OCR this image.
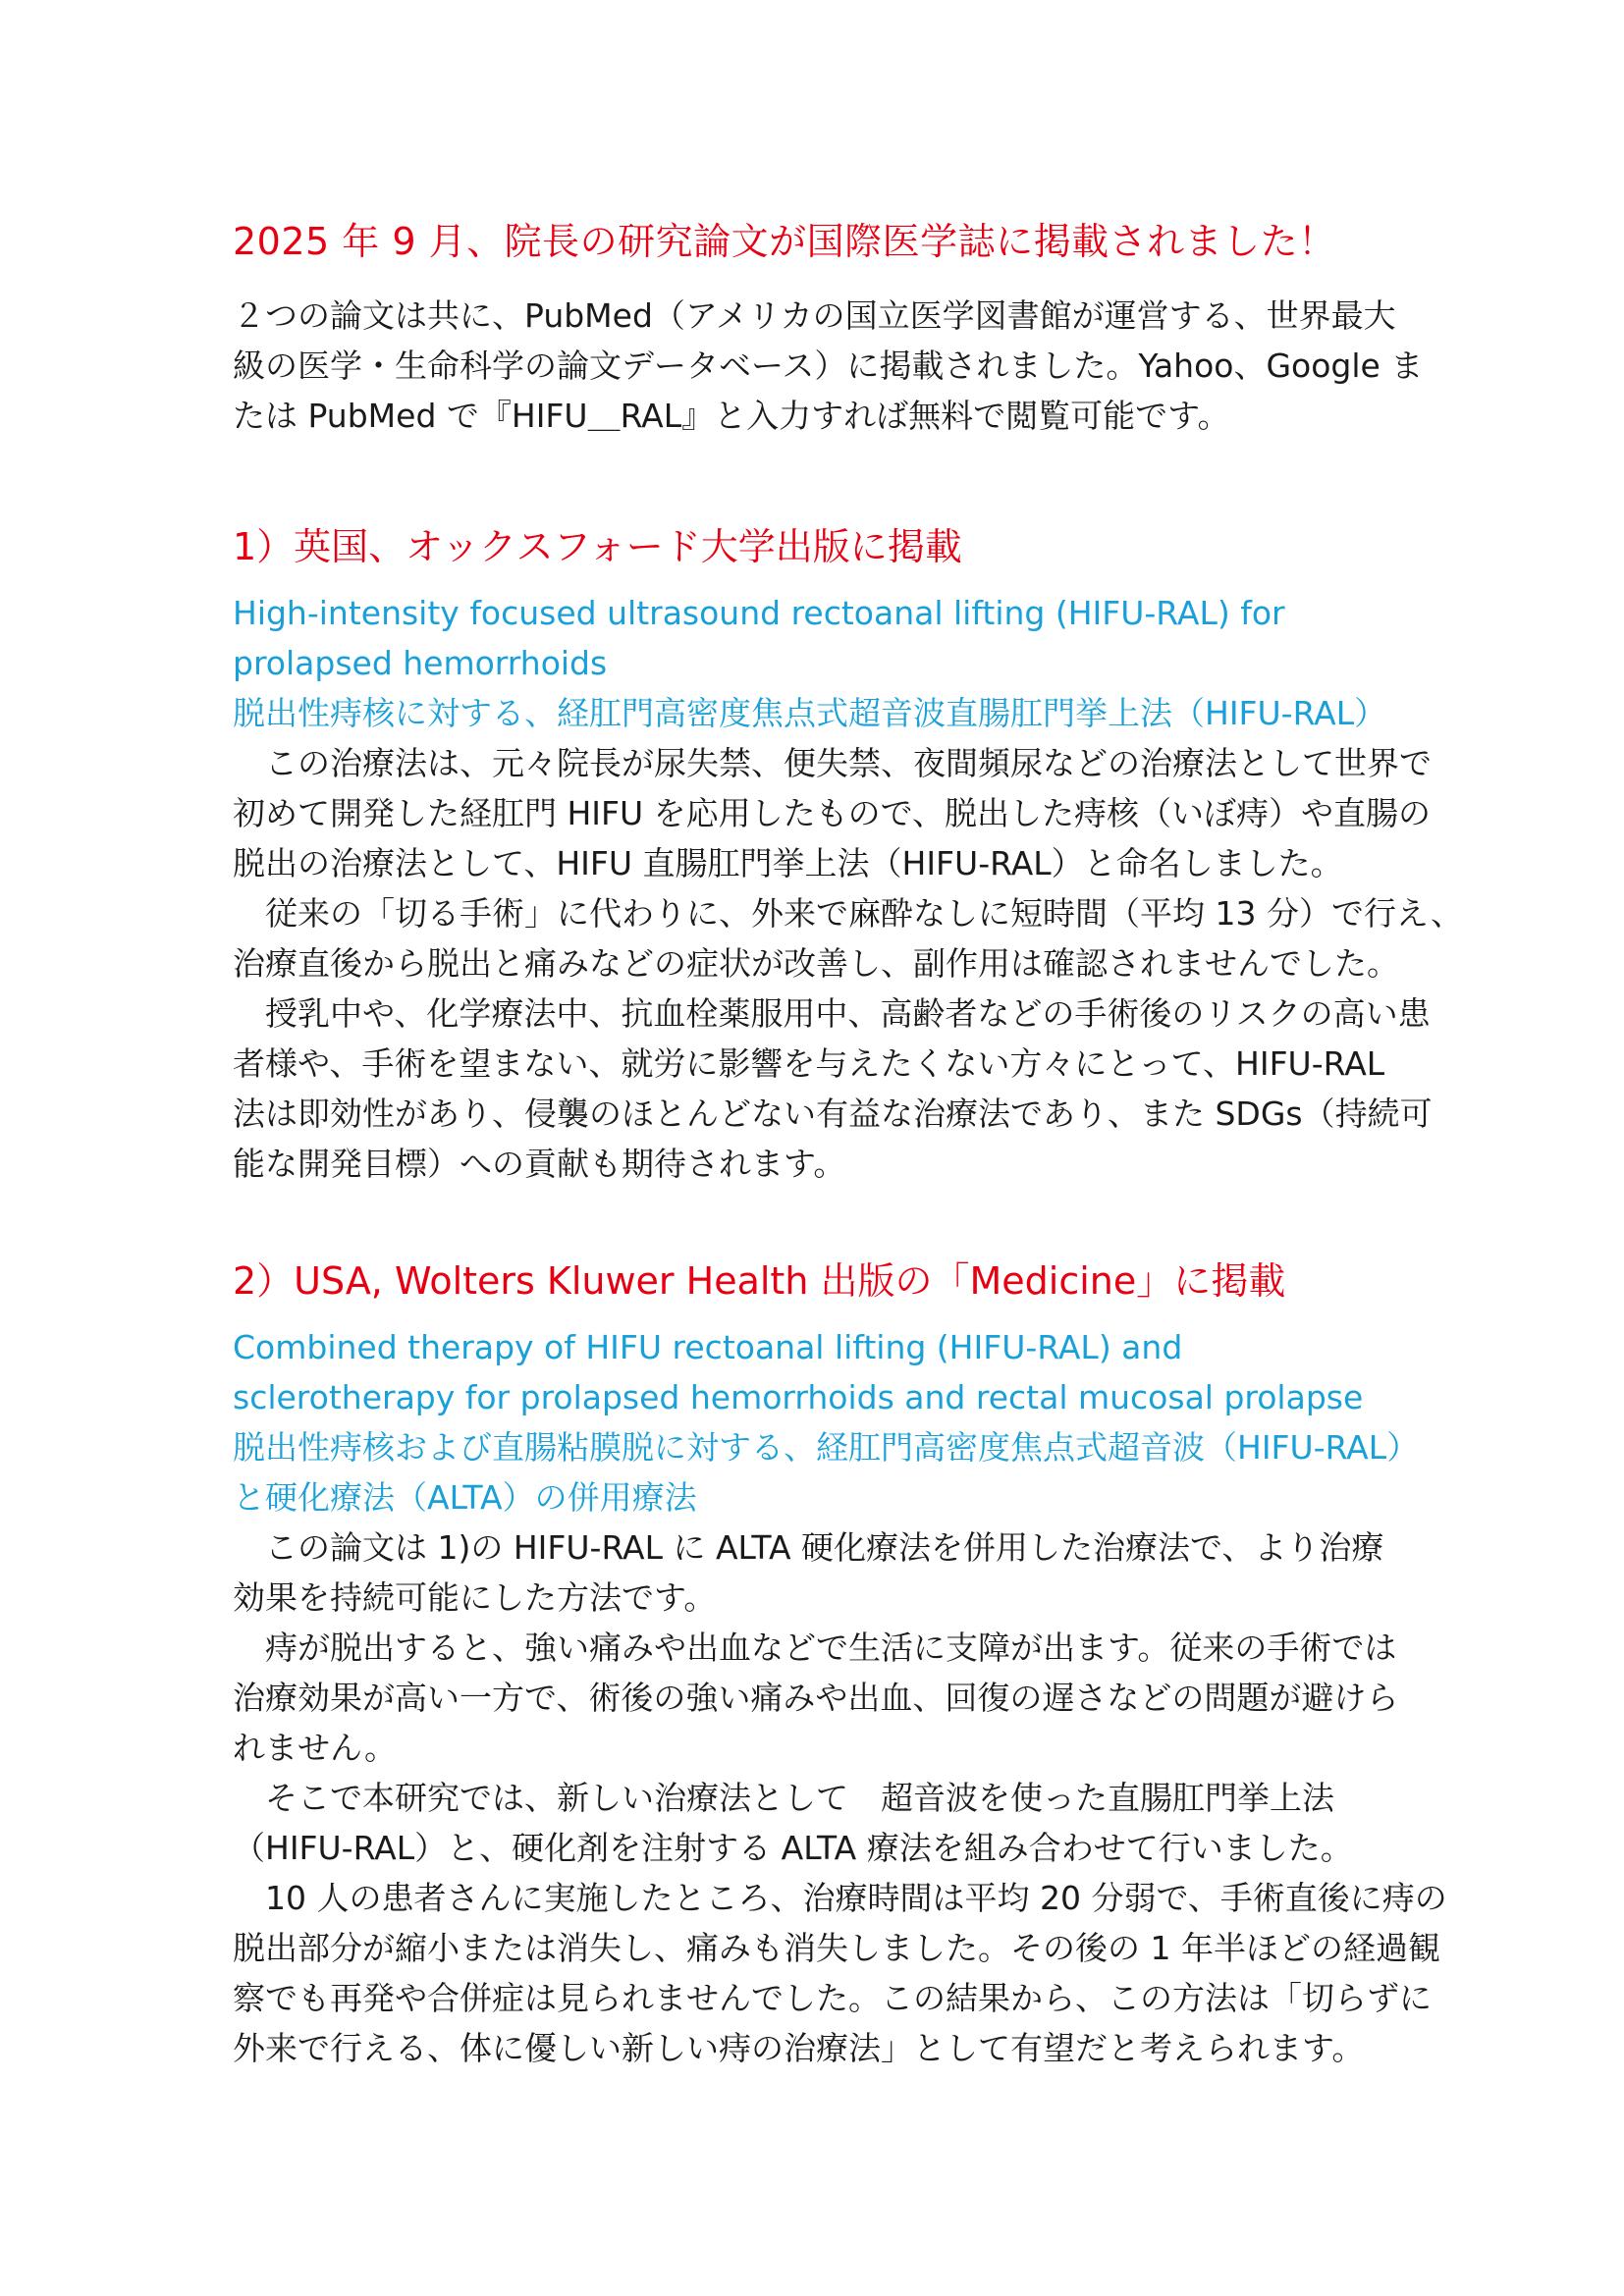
2025 年 9 月、院長の研究論文が国際医学誌に掲載されました！

２つの論文は共に、PubMed（アメリカの国立医学図書館が運営する、世界最大

級の医学・生命科学の論文データベース）に掲載されました。Yahoo、Google ま

たは PubMed で『HIFU＿RAL』と入力すれば無料で閲覧可能です。

1）英国、オックスフォード大学出版に掲載

High-intensity focused ultrasound rectoanal lifting (HIFU-RAL) for

prolapsed hemorrhoids

脱出性痔核に対する、経肛門高密度焦点式超音波直腸肛門挙上法（HIFU-RAL）

　この治療法は、元々院長が尿失禁、便失禁、夜間頻尿などの治療法として世界で

初めて開発した経肛門 HIFU を応用したもので、脱出した痔核（いぼ痔）や直腸の

脱出の治療法として、HIFU 直腸肛門挙上法（HIFU-RAL）と命名しました。

　従来の「切る手術」に代わりに、外来で麻酔なしに短時間（平均 13 分）で行え、

治療直後から脱出と痛みなどの症状が改善し、副作用は確認されませんでした。

　授乳中や、化学療法中、抗血栓薬服用中、高齢者などの手術後のリスクの高い患

者様や、手術を望まない、就労に影響を与えたくない方々にとって、HIFU-RAL

法は即効性があり、侵襲のほとんどない有益な治療法であり、また SDGs（持続可

能な開発目標）への貢献も期待されます。

2）USA, Wolters Kluwer Health 出版の「Medicine」に掲載

Combined therapy of HIFU rectoanal lifting (HIFU-RAL) and

sclerotherapy for prolapsed hemorrhoids and rectal mucosal prolapse

脱出性痔核および直腸粘膜脱に対する、経肛門高密度焦点式超音波（HIFU-RAL）

と硬化療法（ALTA）の併用療法

　この論文は 1)の HIFU-RAL に ALTA 硬化療法を併用した治療法で、より治療

効果を持続可能にした方法です。

　痔が脱出すると、強い痛みや出血などで生活に支障が出ます。従来の手術では

治療効果が高い一方で、術後の強い痛みや出血、回復の遅さなどの問題が避けら

れません。

　そこで本研究では、新しい治療法として　超音波を使った直腸肛門挙上法

（HIFU-RAL）と、硬化剤を注射する ALTA 療法を組み合わせて行いました。

　10 人の患者さんに実施したところ、治療時間は平均 20 分弱で、手術直後に痔の

脱出部分が縮小または消失し、痛みも消失しました。その後の 1 年半ほどの経過観

察でも再発や合併症は見られませんでした。この結果から、この方法は「切らずに

外来で行える、体に優しい新しい痔の治療法」として有望だと考えられます。
